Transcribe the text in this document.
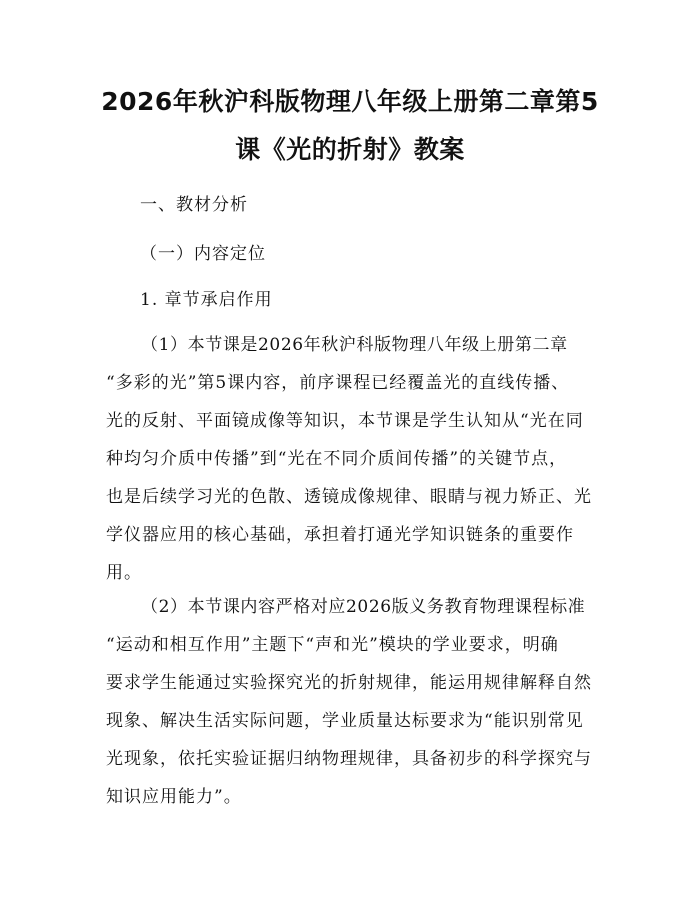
2026年秋沪科版物理八年级上册第二章第5
课《光的折射》教案
一、教材分析
（一）内容定位
1. 章节承启作用
（1）本节课是2026年秋沪科版物理八年级上册第二章
“多彩的光”第5课内容，前序课程已经覆盖光的直线传播、
光的反射、平面镜成像等知识，本节课是学生认知从“光在同
种均匀介质中传播”到“光在不同介质间传播”的关键节点，
也是后续学习光的色散、透镜成像规律、眼睛与视力矫正、光
学仪器应用的核心基础，承担着打通光学知识链条的重要作
用。
（2）本节课内容严格对应2026版义务教育物理课程标准
“运动和相互作用”主题下“声和光”模块的学业要求，明确
要求学生能通过实验探究光的折射规律，能运用规律解释自然
现象、解决生活实际问题，学业质量达标要求为“能识别常见
光现象，依托实验证据归纳物理规律，具备初步的科学探究与
知识应用能力”。
